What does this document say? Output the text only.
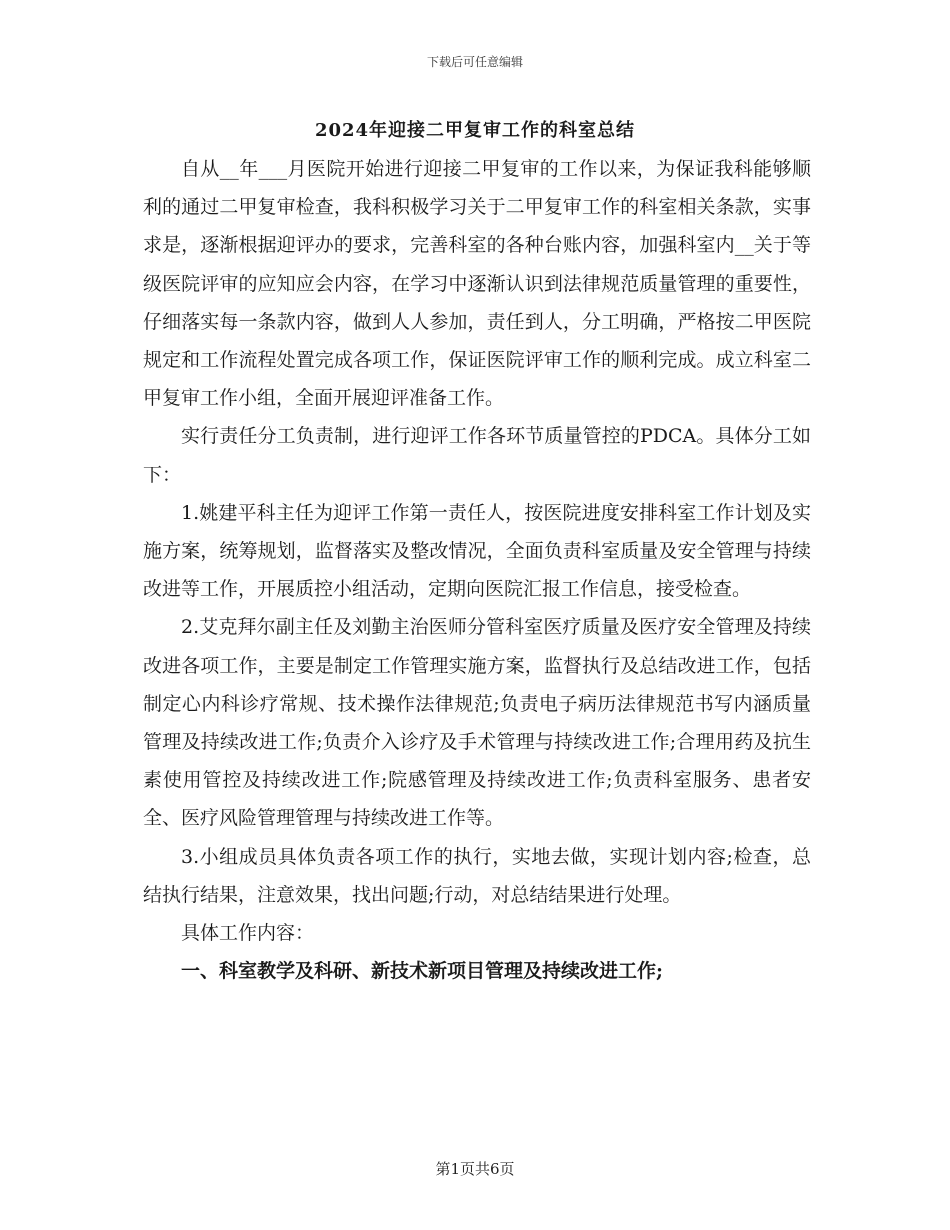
下载后可任意编辑
2024年迎接二甲复审工作的科室总结

自从__年___月医院开始进行迎接二甲复审的工作以来，为保证我科能够顺利的通过二甲复审检查，我科积极学习关于二甲复审工作的科室相关条款，实事求是，逐渐根据迎评办的要求，完善科室的各种台账内容，加强科室内__关于等级医院评审的应知应会内容，在学习中逐渐认识到法律规范质量管理的重要性，仔细落实每一条款内容，做到人人参加，责任到人，分工明确，严格按二甲医院规定和工作流程处置完成各项工作，保证医院评审工作的顺利完成。成立科室二甲复审工作小组，全面开展迎评准备工作。

实行责任分工负责制，进行迎评工作各环节质量管控的PDCA。具体分工如下：

1.姚建平科主任为迎评工作第一责任人，按医院进度安排科室工作计划及实施方案，统筹规划，监督落实及整改情况，全面负责科室质量及安全管理与持续改进等工作，开展质控小组活动，定期向医院汇报工作信息，接受检查。

2.艾克拜尔副主任及刘勤主治医师分管科室医疗质量及医疗安全管理及持续改进各项工作，主要是制定工作管理实施方案，监督执行及总结改进工作，包括制定心内科诊疗常规、技术操作法律规范;负责电子病历法律规范书写内涵质量管理及持续改进工作;负责介入诊疗及手术管理与持续改进工作;合理用药及抗生素使用管控及持续改进工作;院感管理及持续改进工作;负责科室服务、患者安全、医疗风险管理管理与持续改进工作等。

3.小组成员具体负责各项工作的执行，实地去做，实现计划内容;检查，总结执行结果，注意效果，找出问题;行动，对总结结果进行处理。

具体工作内容：

一、科室教学及科研、新技术新项目管理及持续改进工作;

第1页共6页
